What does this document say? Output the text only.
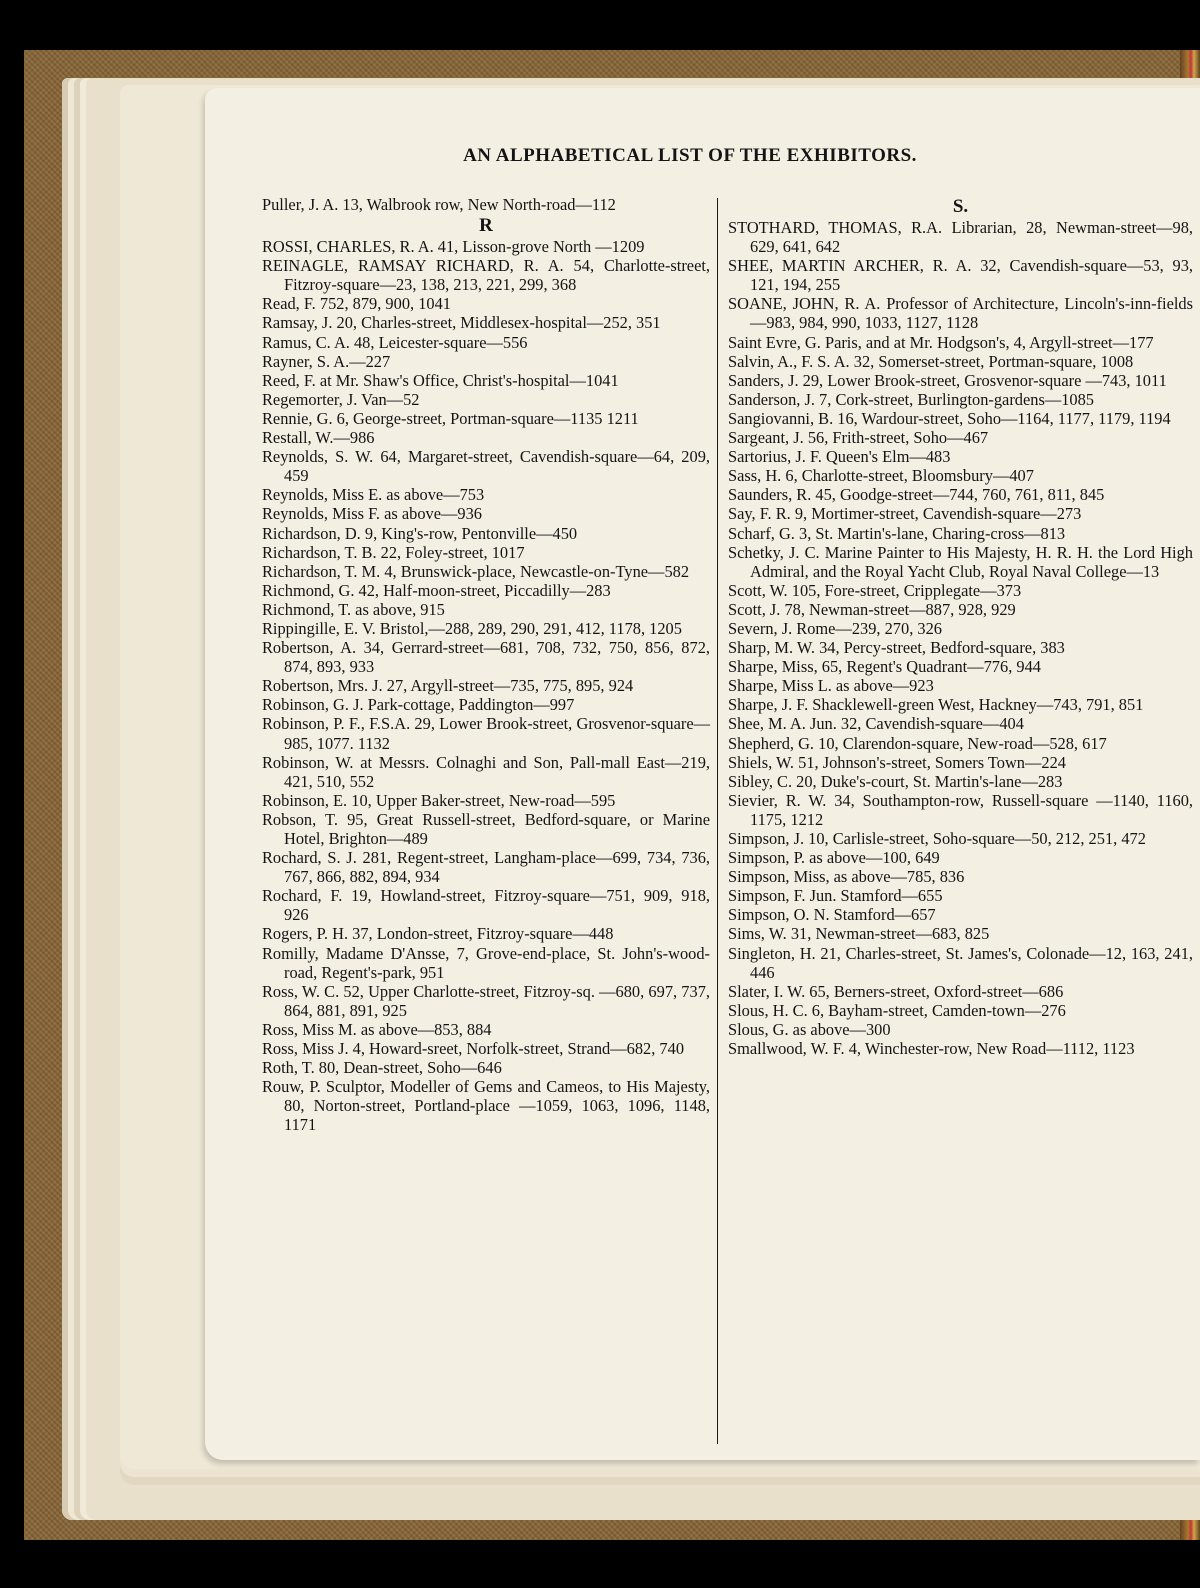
AN ALPHABETICAL LIST OF THE EXHIBITORS.

Puller, J. A. 13, Walbrook row, New North-road—112

R

ROSSI, CHARLES, R. A. 41, Lisson-grove North —1209

REINAGLE, RAMSAY RICHARD, R. A. 54, Charlotte-street, Fitzroy-square—23, 138, 213, 221, 299, 368

Read, F. 752, 879, 900, 1041

Ramsay, J. 20, Charles-street, Middlesex-hospital—252, 351

Ramus, C. A. 48, Leicester-square—556

Rayner, S. A.—227

Reed, F. at Mr. Shaw's Office, Christ's-hospital—1041

Regemorter, J. Van—52

Rennie, G. 6, George-street, Portman-square—1135 1211

Restall, W.—986

Reynolds, S. W. 64, Margaret-street, Cavendish-square—64, 209, 459

Reynolds, Miss E. as above—753

Reynolds, Miss F. as above—936

Richardson, D. 9, King's-row, Pentonville—450

Richardson, T. B. 22, Foley-street, 1017

Richardson, T. M. 4, Brunswick-place, Newcastle-on-Tyne—582

Richmond, G. 42, Half-moon-street, Piccadilly—283

Richmond, T. as above, 915

Rippingille, E. V. Bristol,—288, 289, 290, 291, 412, 1178, 1205

Robertson, A. 34, Gerrard-street—681, 708, 732, 750, 856, 872, 874, 893, 933

Robertson, Mrs. J. 27, Argyll-street—735, 775, 895, 924

Robinson, G. J. Park-cottage, Paddington—997

Robinson, P. F., F.S.A. 29, Lower Brook-street, Grosvenor-square—985, 1077. 1132

Robinson, W. at Messrs. Colnaghi and Son, Pall-mall East—219, 421, 510, 552

Robinson, E. 10, Upper Baker-street, New-road—595

Robson, T. 95, Great Russell-street, Bedford-square, or Marine Hotel, Brighton—489

Rochard, S. J. 281, Regent-street, Langham-place—699, 734, 736, 767, 866, 882, 894, 934

Rochard, F. 19, Howland-street, Fitzroy-square—751, 909, 918, 926

Rogers, P. H. 37, London-street, Fitzroy-square—448

Romilly, Madame D'Ansse, 7, Grove-end-place, St. John's-wood-road, Regent's-park, 951

Ross, W. C. 52, Upper Charlotte-street, Fitzroy-sq. —680, 697, 737, 864, 881, 891, 925

Ross, Miss M. as above—853, 884

Ross, Miss J. 4, Howard-sreet, Norfolk-street, Strand—682, 740

Roth, T. 80, Dean-street, Soho—646

Rouw, P. Sculptor, Modeller of Gems and Cameos, to His Majesty, 80, Norton-street, Portland-place —1059, 1063, 1096, 1148, 1171

S.

STOTHARD, THOMAS, R.A. Librarian, 28, Newman-street—98, 629, 641, 642

SHEE, MARTIN ARCHER, R. A. 32, Cavendish-square—53, 93, 121, 194, 255

SOANE, JOHN, R. A. Professor of Architecture, Lincoln's-inn-fields—983, 984, 990, 1033, 1127, 1128

Saint Evre, G. Paris, and at Mr. Hodgson's, 4, Argyll-street—177

Salvin, A., F. S. A. 32, Somerset-street, Portman-square, 1008

Sanders, J. 29, Lower Brook-street, Grosvenor-square —743, 1011

Sanderson, J. 7, Cork-street, Burlington-gardens—1085

Sangiovanni, B. 16, Wardour-street, Soho—1164, 1177, 1179, 1194

Sargeant, J. 56, Frith-street, Soho—467

Sartorius, J. F. Queen's Elm—483

Sass, H. 6, Charlotte-street, Bloomsbury—407

Saunders, R. 45, Goodge-street—744, 760, 761, 811, 845

Say, F. R. 9, Mortimer-street, Cavendish-square—273

Scharf, G. 3, St. Martin's-lane, Charing-cross—813

Schetky, J. C. Marine Painter to His Majesty, H. R. H. the Lord High Admiral, and the Royal Yacht Club, Royal Naval College—13

Scott, W. 105, Fore-street, Cripplegate—373

Scott, J. 78, Newman-street—887, 928, 929

Severn, J. Rome—239, 270, 326

Sharp, M. W. 34, Percy-street, Bedford-square, 383

Sharpe, Miss, 65, Regent's Quadrant—776, 944

Sharpe, Miss L. as above—923

Sharpe, J. F. Shacklewell-green West, Hackney—743, 791, 851

Shee, M. A. Jun. 32, Cavendish-square—404

Shepherd, G. 10, Clarendon-square, New-road—528, 617

Shiels, W. 51, Johnson's-street, Somers Town—224

Sibley, C. 20, Duke's-court, St. Martin's-lane—283

Sievier, R. W. 34, Southampton-row, Russell-square —1140, 1160, 1175, 1212

Simpson, J. 10, Carlisle-street, Soho-square—50, 212, 251, 472

Simpson, P. as above—100, 649

Simpson, Miss, as above—785, 836

Simpson, F. Jun. Stamford—655

Simpson, O. N. Stamford—657

Sims, W. 31, Newman-street—683, 825

Singleton, H. 21, Charles-street, St. James's, Colonade—12, 163, 241, 446

Slater, I. W. 65, Berners-street, Oxford-street—686

Slous, H. C. 6, Bayham-street, Camden-town—276

Slous, G. as above—300

Smallwood, W. F. 4, Winchester-row, New Road—1112, 1123
